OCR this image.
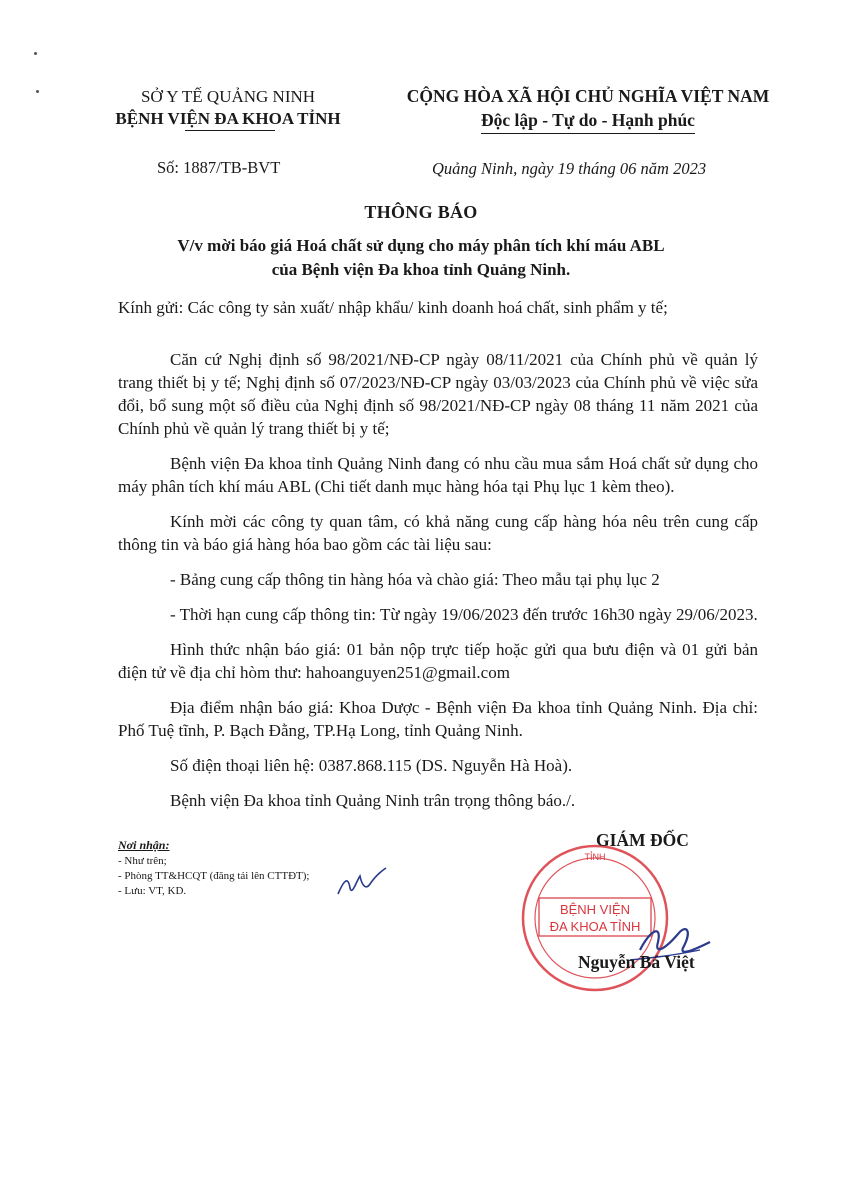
SỞ Y TẾ QUẢNG NINH
BỆNH VIỆN ĐA KHOA TỈNH
CỘNG HÒA XÃ HỘI CHỦ NGHĨA VIỆT NAM
Độc lập - Tự do - Hạnh phúc
Số: 1887/TB-BVT	Quảng Ninh, ngày 19 tháng 06 năm 2023
THÔNG BÁO
V/v mời báo giá Hoá chất sử dụng cho máy phân tích khí máu ABL
của Bệnh viện Đa khoa tỉnh Quảng Ninh.
Kính gửi: Các công ty sản xuất/ nhập khẩu/ kinh doanh hoá chất, sinh phẩm y tế;

Căn cứ Nghị định số 98/2021/NĐ-CP ngày 08/11/2021 của Chính phủ về quản lý trang thiết bị y tế; Nghị định số 07/2023/NĐ-CP ngày 03/03/2023 của Chính phủ về việc sửa đổi, bổ sung một số điều của Nghị định số 98/2021/NĐ-CP ngày 08 tháng 11 năm 2021 của Chính phủ về quản lý trang thiết bị y tế;

Bệnh viện Đa khoa tỉnh Quảng Ninh đang có nhu cầu mua sắm Hoá chất sử dụng cho máy phân tích khí máu ABL (Chi tiết danh mục hàng hóa tại Phụ lục 1 kèm theo).

Kính mời các công ty quan tâm, có khả năng cung cấp hàng hóa nêu trên cung cấp thông tin và báo giá hàng hóa bao gồm các tài liệu sau:

- Bảng cung cấp thông tin hàng hóa và chào giá: Theo mẫu tại phụ lục 2

- Thời hạn cung cấp thông tin: Từ ngày 19/06/2023 đến trước 16h30 ngày 29/06/2023.

Hình thức nhận báo giá: 01 bản nộp trực tiếp hoặc gửi qua bưu điện và 01 gửi bản điện tử về địa chỉ hòm thư: hahoanguyen251@gmail.com

Địa điểm nhận báo giá: Khoa Dược - Bệnh viện Đa khoa tỉnh Quảng Ninh. Địa chỉ: Phố Tuệ tĩnh, P. Bạch Đằng, TP.Hạ Long, tỉnh Quảng Ninh.

Số điện thoại liên hệ: 0387.868.115 (DS. Nguyễn Hà Hoà).

Bệnh viện Đa khoa tỉnh Quảng Ninh trân trọng thông báo./.

Nơi nhận:
- Như trên;
- Phòng TT&HCQT (đăng tải lên CTTĐT);
- Lưu: VT, KD.
BỆNH VIỆN
ĐA KHOA TỈNH
TỈNH
GIÁM ĐỐC
Nguyễn Bá Việt
